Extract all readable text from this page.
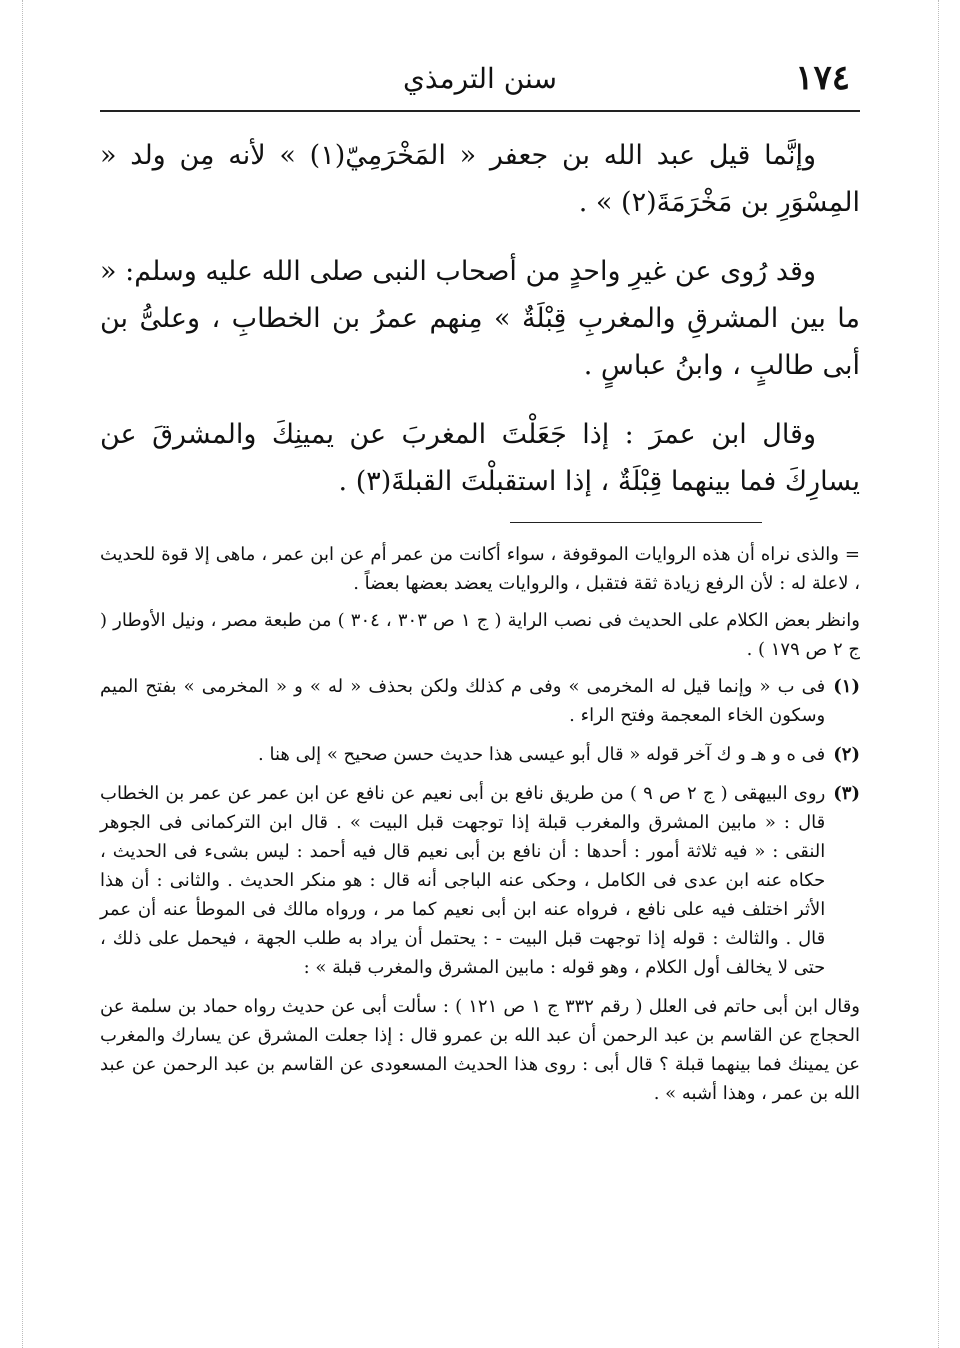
١٧٤
سنن الترمذي

وإنَّما قيل عبد الله بن جعفر « المَخْرَمِيّ(١) » لأنه مِن ولد « المِسْوَرِ بن مَخْرَمَةَ(٢) » .

وقد رُوى عن غيرِ واحدٍ من أصحاب النبى صلى الله عليه وسلم: « ما بين المشرقِ والمغربِ قِبْلَةٌ » مِنهم عمرُ بن الخطابِ ، وعلىُّ بن أبى طالبٍ ، وابنُ عباسٍ .

وقال ابن عمرَ : إذا جَعَلْتَ المغربَ عن يمينِكَ والمشرقَ عن يسارِكَ فما بينهما قِبْلَةٌ ، إذا استقبلْتَ القبلةَ(٣) .

= والذى نراه أن هذه الروايات الموقوفة ، سواء أكانت من عمر أم عن ابن عمر ، ماهى إلا قوة للحديث ، لاعلة له : لأن الرفع زيادة ثقة فتقبل ، والروايات يعضد بعضها بعضاً .

وانظر بعض الكلام على الحديث فى نصب الراية ( ج ١ ص ٣٠٣ ، ٣٠٤ ) من طبعة مصر ، ونيل الأوطار ( ج ٢ ص ١٧٩ ) .

(١)
فى ب « وإنما قيل له المخرمى » وفى م كذلك ولكن بحذف « له » و « المخرمى » بفتح الميم وسكون الخاء المعجمة وفتح الراء .
(٢)
فى ه و هـ و ك آخر قوله « قال أبو عيسى هذا حديث حسن صحيح » إلى هنا .
(٣)
روى البيهقى ( ج ٢ ص ٩ ) من طريق نافع بن أبى نعيم عن نافع عن ابن عمر عن عمر بن الخطاب قال : « مابين المشرق والمغرب قبلة إذا توجهت قبل البيت » . قال ابن التركمانى فى الجوهر النقى : « فيه ثلاثة أمور : أحدها : أن نافع بن أبى نعيم قال فيه أحمد : ليس بشىء فى الحديث ، حكاه عنه ابن عدى فى الكامل ، وحكى عنه الباجى أنه قال : هو منكر الحديث . والثانى : أن هذا الأثر اختلف فيه على نافع ، فرواه عنه ابن أبى نعيم كما مر ، ورواه مالك فى الموطأ عنه أن عمر قال . والثالث : قوله إذا توجهت قبل البيت - : يحتمل أن يراد به طلب الجهة ، فيحمل على ذلك ، حتى لا يخالف أول الكلام ، وهو قوله : مابين المشرق والمغرب قبلة » :

وقال ابن أبى حاتم فى العلل ( رقم ٣٣٢ ج ١ ص ١٢١ ) : سألت أبى عن حديث رواه حماد بن سلمة عن الحجاج عن القاسم بن عبد الرحمن أن عبد الله بن عمرو قال : إذا جعلت المشرق عن يسارك والمغرب عن يمينك فما بينهما قبلة ؟ قال أبى : روى هذا الحديث المسعودى عن القاسم بن عبد الرحمن عن عبد الله بن عمر ، وهذا أشبه » .
